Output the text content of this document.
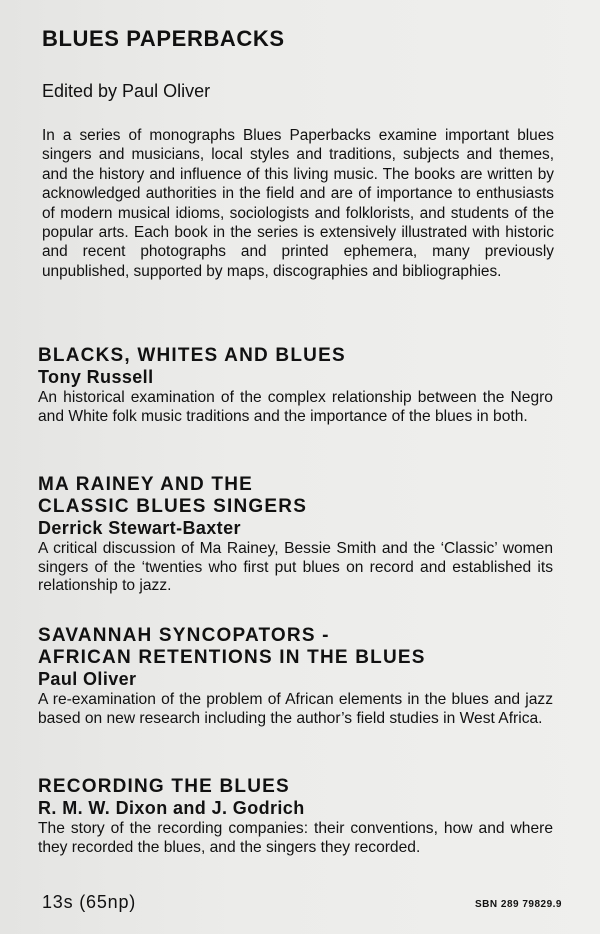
BLUES PAPERBACKS
Edited by Paul Oliver
In a series of monographs Blues Paperbacks examine important blues singers and musicians, local styles and traditions, subjects and themes, and the history and influence of this living music. The books are written by acknowledged authorities in the field and are of importance to enthusiasts of modern musical idioms, sociologists and folklorists, and students of the popular arts. Each book in the series is extensively illustrated with historic and recent photographs and printed ephemera, many previously unpublished, supported by maps, discographies and bibliographies.
BLACKS, WHITES AND BLUES
Tony Russell
An historical examination of the complex relationship between the Negro and White folk music traditions and the importance of the blues in both.
MA RAINEY AND THE
CLASSIC BLUES SINGERS
Derrick Stewart-Baxter
A critical discussion of Ma Rainey, Bessie Smith and the ‘Classic’ women singers of the ‘twenties who first put blues on record and established its relationship to jazz.
SAVANNAH SYNCOPATORS -
AFRICAN RETENTIONS IN THE BLUES
Paul Oliver
A re-examination of the problem of African elements in the blues and jazz based on new research including the author’s field studies in West Africa.
RECORDING THE BLUES
R. M. W. Dixon and J. Godrich
The story of the recording companies: their conventions, how and where they recorded the blues, and the singers they recorded.
13s (65np)	SBN 289 79829.9
